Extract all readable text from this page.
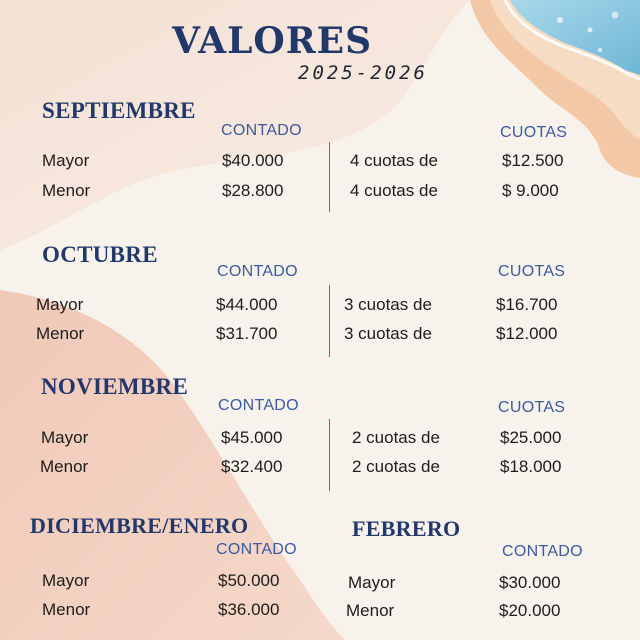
VALORES
2025-2026
SEPTIEMBRE
CONTADO	CUOTAS
Mayor	$40.000	4 cuotas de	$12.500
Menor	$28.800	4 cuotas de	$ 9.000
OCTUBRE
CONTADO	CUOTAS
Mayor	$44.000	3 cuotas de	$16.700
Menor	$31.700	3 cuotas de	$12.000
NOVIEMBRE
CONTADO	CUOTAS
Mayor	$45.000	2 cuotas de	$25.000
Menor	$32.400	2 cuotas de	$18.000
DICIEMBRE/ENERO
CONTADO
Mayor	$50.000
Menor	$36.000
FEBRERO
CONTADO
Mayor	$30.000
Menor	$20.000
